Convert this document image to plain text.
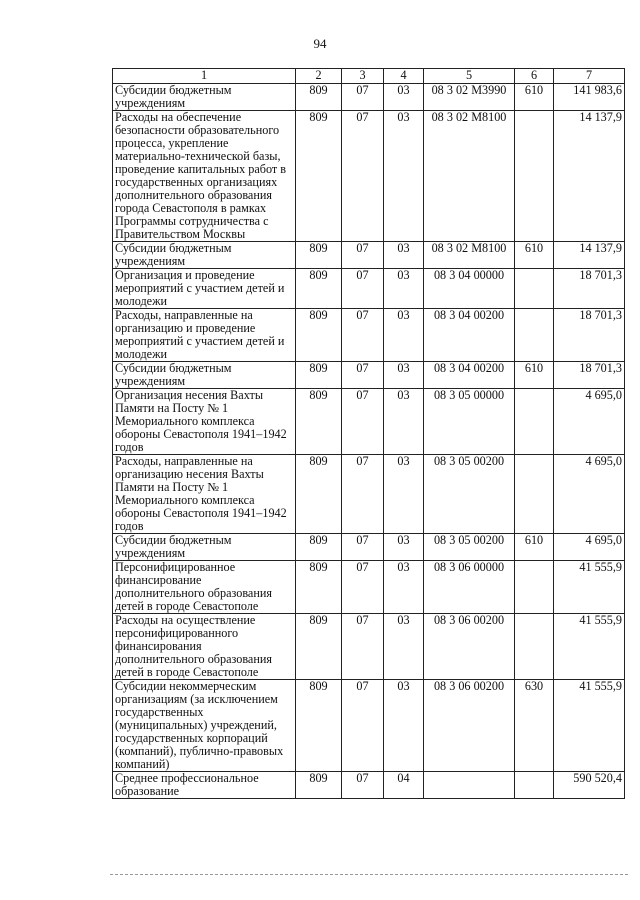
94
1	2	3	4	5	6	7
Субсидии бюджетным учреждениям	809	07	03	08 3 02 М3990	610	141 983,6
Расходы на обеспечение безопасности образовательного процесса, укрепление материально-технической базы, проведение капитальных работ в государственных организациях дополнительного образования города Севастополя в рамках Программы сотрудничества с Правительством Москвы	809	07	03	08 3 02 М8100		14 137,9
Субсидии бюджетным учреждениям	809	07	03	08 3 02 М8100	610	14 137,9
Организация и проведение мероприятий с участием детей и молодежи	809	07	03	08 3 04 00000		18 701,3
Расходы, направленные на организацию и проведение мероприятий с участием детей и молодежи	809	07	03	08 3 04 00200		18 701,3
Субсидии бюджетным учреждениям	809	07	03	08 3 04 00200	610	18 701,3
Организация несения Вахты Памяти на Посту № 1 Мемориального комплекса обороны Севастополя 1941–1942 годов	809	07	03	08 3 05 00000		4 695,0
Расходы, направленные на организацию несения Вахты Памяти на Посту № 1 Мемориального комплекса обороны Севастополя 1941–1942 годов	809	07	03	08 3 05 00200		4 695,0
Субсидии бюджетным учреждениям	809	07	03	08 3 05 00200	610	4 695,0
Персонифицированное финансирование дополнительного образования детей в городе Севастополе	809	07	03	08 3 06 00000		41 555,9
Расходы на осуществление персонифицированного финансирования дополнительного образования детей в городе Севастополе	809	07	03	08 3 06 00200		41 555,9
Субсидии некоммерческим организациям (за исключением государственных (муниципальных) учреждений, государственных корпораций (компаний), публично-правовых компаний)	809	07	03	08 3 06 00200	630	41 555,9
Среднее профессиональное образование	809	07	04			590 520,4
